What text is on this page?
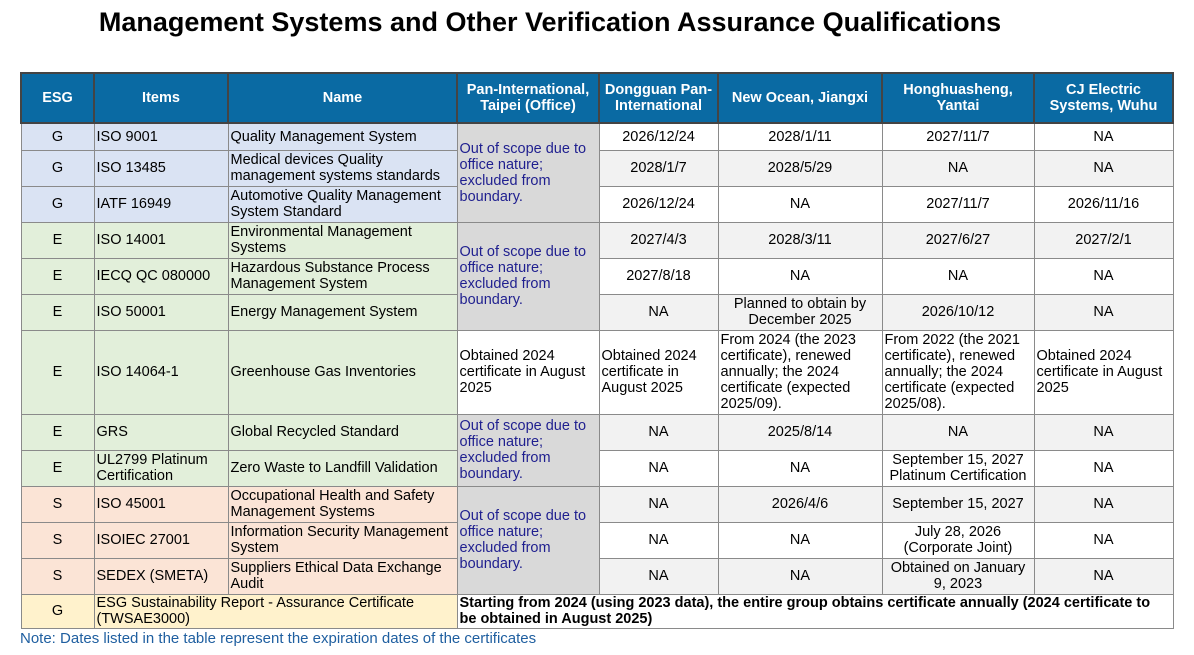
Management Systems and Other Verification Assurance Qualifications
ESG	Items	Name	Pan-International, Taipei (Office)	Dongguan Pan-International	New Ocean, Jiangxi	Honghuasheng, Yantai	CJ Electric Systems, Wuhu
G	ISO 9001	Quality Management System	Out of scope due to office nature; excluded from boundary.	2026/12/24	2028/1/11	2027/11/7	NA
G	ISO 13485	Medical devices Quality management systems standards		2028/1/7	2028/5/29	NA	NA
G	IATF 16949	Automotive Quality Management System Standard		2026/12/24	NA	2027/11/7	2026/11/16
E	ISO 14001	Environmental Management Systems	Out of scope due to office nature; excluded from boundary.	2027/4/3	2028/3/11	2027/6/27	2027/2/1
E	IECQ QC 080000	Hazardous Substance Process Management System		2027/8/18	NA	NA	NA
E	ISO 50001	Energy Management System		NA	Planned to obtain by December 2025	2026/10/12	NA
E	ISO 14064-1	Greenhouse Gas Inventories	Obtained 2024 certificate in August 2025	Obtained 2024 certificate in August 2025	From 2024 (the 2023 certificate), renewed annually; the 2024 certificate (expected 2025/09).	From 2022 (the 2021 certificate), renewed annually; the 2024 certificate (expected 2025/08).	Obtained 2024 certificate in August 2025
E	GRS	Global Recycled Standard	Out of scope due to office nature; excluded from boundary.	NA	2025/8/14	NA	NA
E	UL2799 Platinum Certification	Zero Waste to Landfill Validation		NA	NA	September 15, 2027 Platinum Certification	NA
S	ISO 45001	Occupational Health and Safety Management Systems	Out of scope due to office nature; excluded from boundary.	NA	2026/4/6	September 15, 2027	NA
S	ISOIEC 27001	Information Security Management System		NA	NA	July 28, 2026 (Corporate Joint)	NA
S	SEDEX (SMETA)	Suppliers Ethical Data Exchange Audit		NA	NA	Obtained on January 9, 2023	NA
G	ESG Sustainability Report - Assurance Certificate (TWSAE3000)		Starting from 2024 (using 2023 data), the entire group obtains certificate annually (2024 certificate to be obtained in August 2025)				
Note: Dates listed in the table represent the expiration dates of the certificates
